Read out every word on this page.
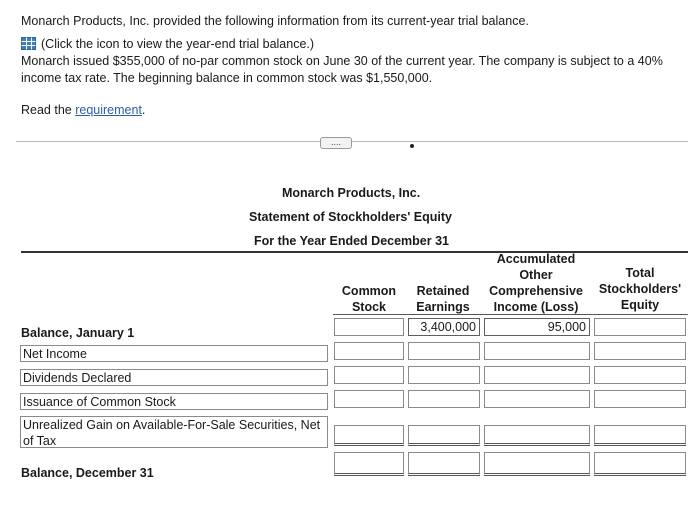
Monarch Products, Inc. provided the following information from its current-year trial balance.
(Click the icon to view the year-end trial balance.)
Monarch issued $355,000 of no-par common stock on June 30 of the current year. The company is subject to a 40%
income tax rate. The beginning balance in common stock was $1,550,000.
Read the requirement.
....
Monarch Products, Inc.
Statement of Stockholders' Equity
For the Year Ended December 31
Common
Stock
Retained
Earnings
Accumulated
Other
Comprehensive
Income (Loss)
Total
Stockholders'
Equity
Balance, January 1	3,400,000	95,000
Net Income
Dividends Declared
Issuance of Common Stock
Unrealized Gain on Available-For-Sale Securities, Net of Tax
Balance, December 31
